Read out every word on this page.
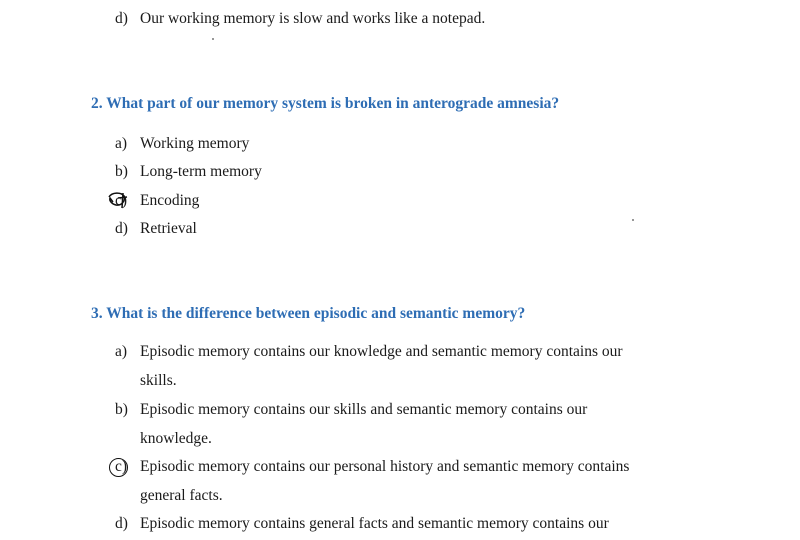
d) Our working memory is slow and works like a notepad.
2. What part of our memory system is broken in anterograde amnesia?
a) Working memory
b) Long-term memory
c) Encoding
d) Retrieval
3. What is the difference between episodic and semantic memory?
a) Episodic memory contains our knowledge and semantic memory contains our
skills.
b) Episodic memory contains our skills and semantic memory contains our
knowledge.
c) Episodic memory contains our personal history and semantic memory contains
general facts.
d) Episodic memory contains general facts and semantic memory contains our
